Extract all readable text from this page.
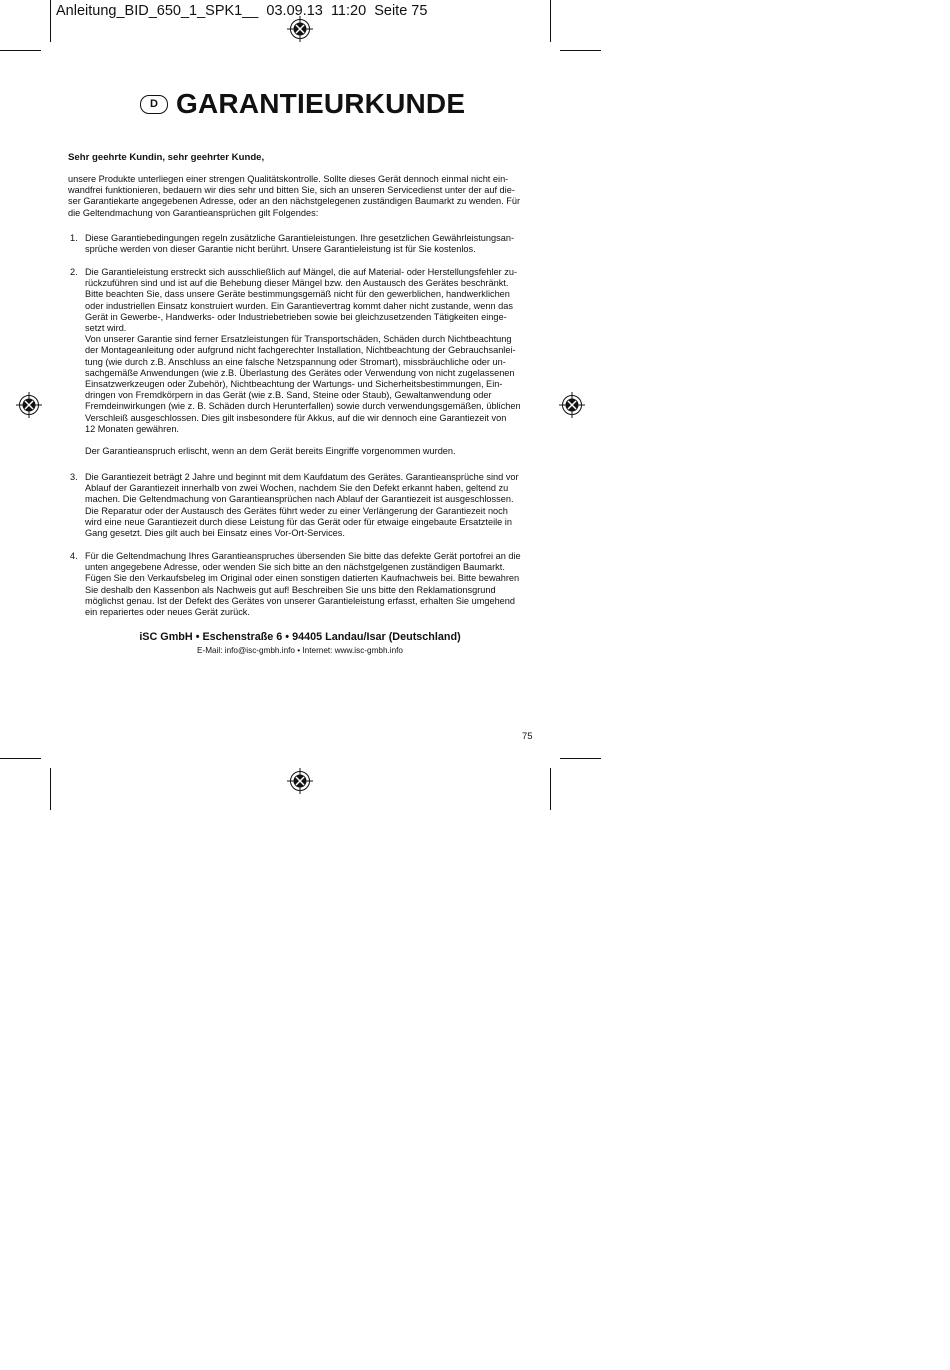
Anleitung_BID_650_1_SPK1__ 03.09.13 11:20 Seite 75
D GARANTIEURKUNDE
Sehr geehrte Kundin, sehr geehrter Kunde,
unsere Produkte unterliegen einer strengen Qualitätskontrolle. Sollte dieses Gerät dennoch einmal nicht ein-
wandfrei funktionieren, bedauern wir dies sehr und bitten Sie, sich an unseren Servicedienst unter der auf die-
ser Garantiekarte angegebenen Adresse, oder an den nächstgelegenen zuständigen Baumarkt zu wenden. Für
die Geltendmachung von Garantieansprüchen gilt Folgendes:
1. Diese Garantiebedingungen regeln zusätzliche Garantieleistungen. Ihre gesetzlichen Gewährleistungsan-
sprüche werden von dieser Garantie nicht berührt. Unsere Garantieleistung ist für Sie kostenlos.
2. Die Garantieleistung erstreckt sich ausschließlich auf Mängel, die auf Material- oder Herstellungsfehler zu-
rückzuführen sind und ist auf die Behebung dieser Mängel bzw. den Austausch des Gerätes beschränkt.
Bitte beachten Sie, dass unsere Geräte bestimmungsgemäß nicht für den gewerblichen, handwerklichen
oder industriellen Einsatz konstruiert wurden. Ein Garantievertrag kommt daher nicht zustande, wenn das
Gerät in Gewerbe-, Handwerks- oder Industriebetrieben sowie bei gleichzusetzenden Tätigkeiten einge-
setzt wird.
Von unserer Garantie sind ferner Ersatzleistungen für Transportschäden, Schäden durch Nichtbeachtung
der Montageanleitung oder aufgrund nicht fachgerechter Installation, Nichtbeachtung der Gebrauchsanlei-
tung (wie durch z.B. Anschluss an eine falsche Netzspannung oder Stromart), missbräuchliche oder un-
sachgemäße Anwendungen (wie z.B. Überlastung des Gerätes oder Verwendung von nicht zugelassenen
Einsatzwerkzeugen oder Zubehör), Nichtbeachtung der Wartungs- und Sicherheitsbestimmungen, Ein-
dringen von Fremdkörpern in das Gerät (wie z.B. Sand, Steine oder Staub), Gewaltanwendung oder
Fremdeinwirkungen (wie z. B. Schäden durch Herunterfallen) sowie durch verwendungsgemäßen, üblichen
Verschleiß ausgeschlossen. Dies gilt insbesondere für Akkus, auf die wir dennoch eine Garantiezeit von
12 Monaten gewähren.
Der Garantieanspruch erlischt, wenn an dem Gerät bereits Eingriffe vorgenommen wurden.
3. Die Garantiezeit beträgt 2 Jahre und beginnt mit dem Kaufdatum des Gerätes. Garantieansprüche sind vor
Ablauf der Garantiezeit innerhalb von zwei Wochen, nachdem Sie den Defekt erkannt haben, geltend zu
machen. Die Geltendmachung von Garantieansprüchen nach Ablauf der Garantiezeit ist ausgeschlossen.
Die Reparatur oder der Austausch des Gerätes führt weder zu einer Verlängerung der Garantiezeit noch
wird eine neue Garantiezeit durch diese Leistung für das Gerät oder für etwaige eingebaute Ersatzteile in
Gang gesetzt. Dies gilt auch bei Einsatz eines Vor-Ort-Services.
4. Für die Geltendmachung Ihres Garantieanspruches übersenden Sie bitte das defekte Gerät portofrei an die
unten angegebene Adresse, oder wenden Sie sich bitte an den nächstgelgenen zuständigen Baumarkt.
Fügen Sie den Verkaufsbeleg im Original oder einen sonstigen datierten Kaufnachweis bei. Bitte bewahren
Sie deshalb den Kassenbon als Nachweis gut auf! Beschreiben Sie uns bitte den Reklamationsgrund
möglichst genau. Ist der Defekt des Gerätes von unserer Garantieleistung erfasst, erhalten Sie umgehend
ein repariertes oder neues Gerät zurück.
iSC GmbH • Eschenstraße 6 • 94405 Landau/Isar (Deutschland)
E-Mail: info@isc-gmbh.info • Internet: www.isc-gmbh.info
75
